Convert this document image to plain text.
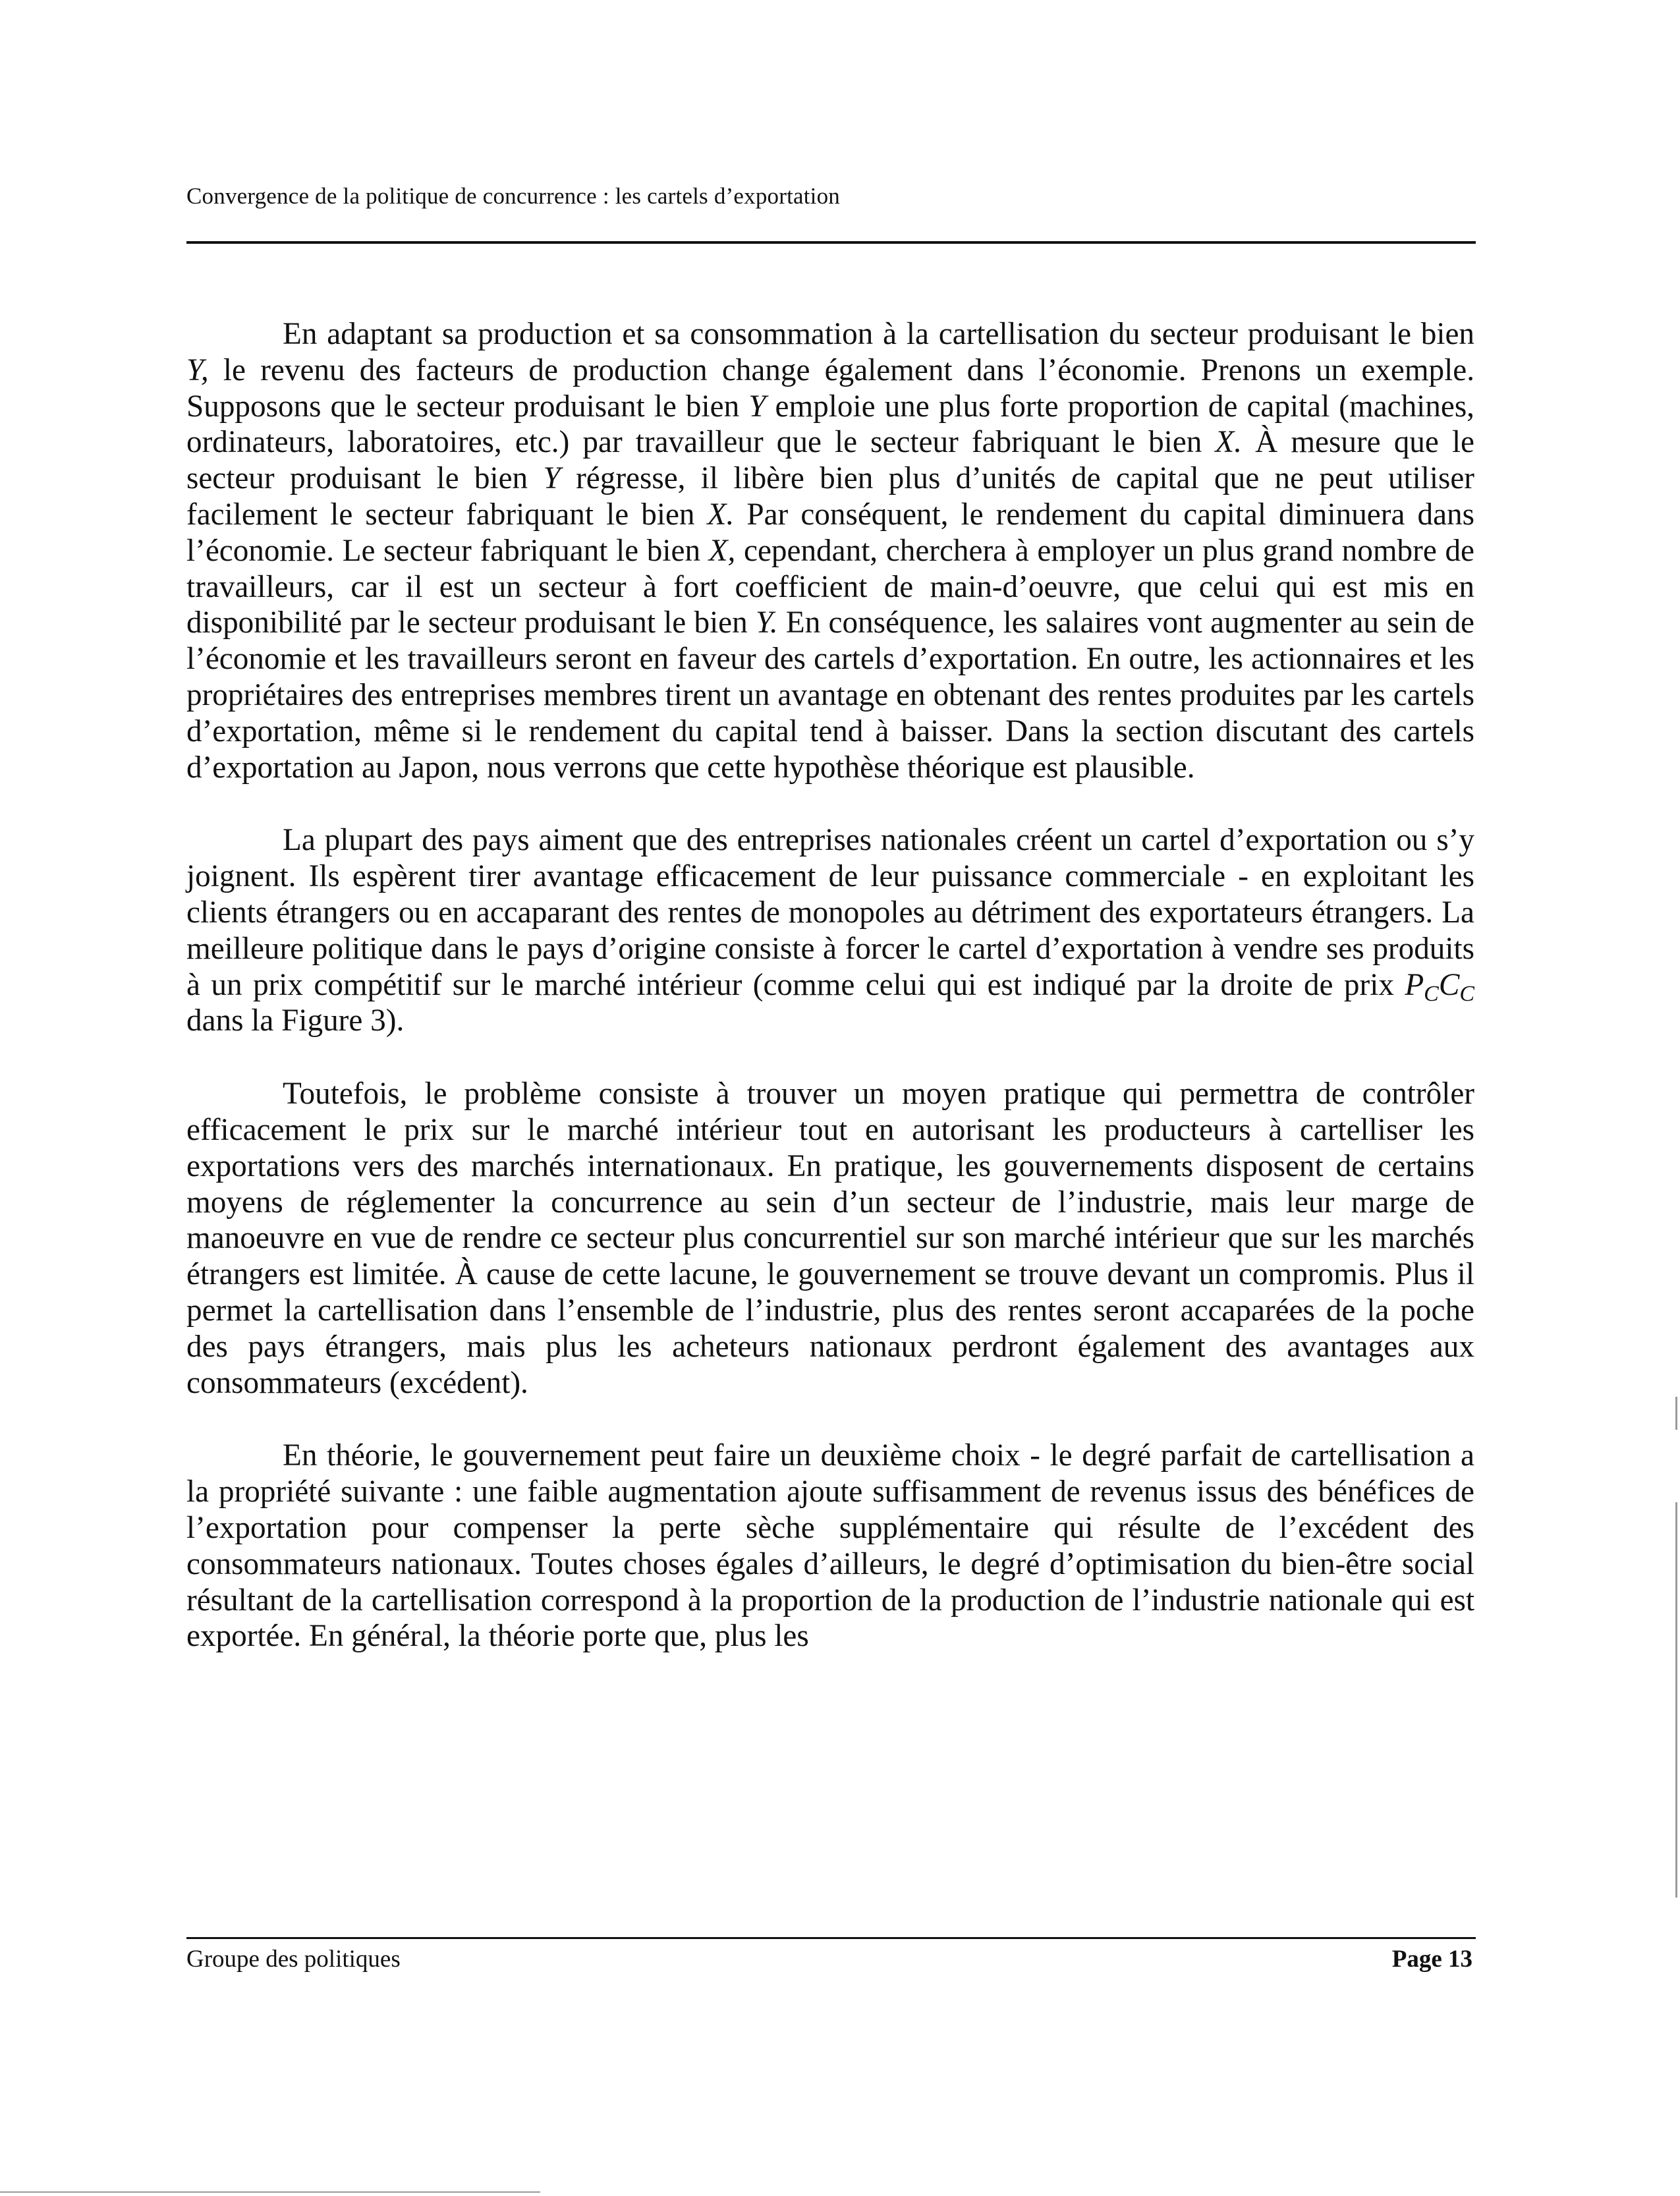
Convergence de la politique de concurrence : les cartels d’exportation

En adaptant sa production et sa consommation à la cartellisation du secteur produisant le bien Y, le revenu des facteurs de production change également dans l’économie. Prenons un exemple. Supposons que le secteur produisant le bien Y emploie une plus forte proportion de capital (machines, ordinateurs, laboratoires, etc.) par travailleur que le secteur fabriquant le bien X. À mesure que le secteur produisant le bien Y régresse, il libère bien plus d’unités de capital que ne peut utiliser facilement le secteur fabriquant le bien X. Par conséquent, le rendement du capital diminuera dans l’économie. Le secteur fabriquant le bien X, cependant, cherchera à employer un plus grand nombre de travailleurs, car il est un secteur à fort coefficient de main-d’oeuvre, que celui qui est mis en disponibilité par le secteur produisant le bien Y. En conséquence, les salaires vont augmenter au sein de l’économie et les travailleurs seront en faveur des cartels d’exportation. En outre, les actionnaires et les propriétaires des entreprises membres tirent un avantage en obtenant des rentes produites par les cartels d’exportation, même si le rendement du capital tend à baisser. Dans la section discutant des cartels d’exportation au Japon, nous verrons que cette hypothèse théorique est plausible.

La plupart des pays aiment que des entreprises nationales créent un cartel d’exportation ou s’y joignent. Ils espèrent tirer avantage efficacement de leur puissance commerciale - en exploitant les clients étrangers ou en accaparant des rentes de monopoles au détriment des exportateurs étrangers. La meilleure politique dans le pays d’origine consiste à forcer le cartel d’exportation à vendre ses produits à un prix compétitif sur le marché intérieur (comme celui qui est indiqué par la droite de prix $P_CC_C$ dans la Figure 3).

Toutefois, le problème consiste à trouver un moyen pratique qui permettra de contrôler efficacement le prix sur le marché intérieur tout en autorisant les producteurs à cartelliser les exportations vers des marchés internationaux. En pratique, les gouvernements disposent de certains moyens de réglementer la concurrence au sein d’un secteur de l’industrie, mais leur marge de manoeuvre en vue de rendre ce secteur plus concurrentiel sur son marché intérieur que sur les marchés étrangers est limitée. À cause de cette lacune, le gouvernement se trouve devant un compromis. Plus il permet la cartellisation dans l’ensemble de l’industrie, plus des rentes seront accaparées de la poche des pays étrangers, mais plus les acheteurs nationaux perdront également des avantages aux consommateurs (excédent).

En théorie, le gouvernement peut faire un deuxième choix - le degré parfait de cartellisation a la propriété suivante : une faible augmentation ajoute suffisamment de revenus issus des bénéfices de l’exportation pour compenser la perte sèche supplémentaire qui résulte de l’excédent des consommateurs nationaux. Toutes choses égales d’ailleurs, le degré d’optimisation du bien-être social résultant de la cartellisation correspond à la proportion de la production de l’industrie nationale qui est exportée. En général, la théorie porte que, plus les

Groupe des politiques	Page 13
